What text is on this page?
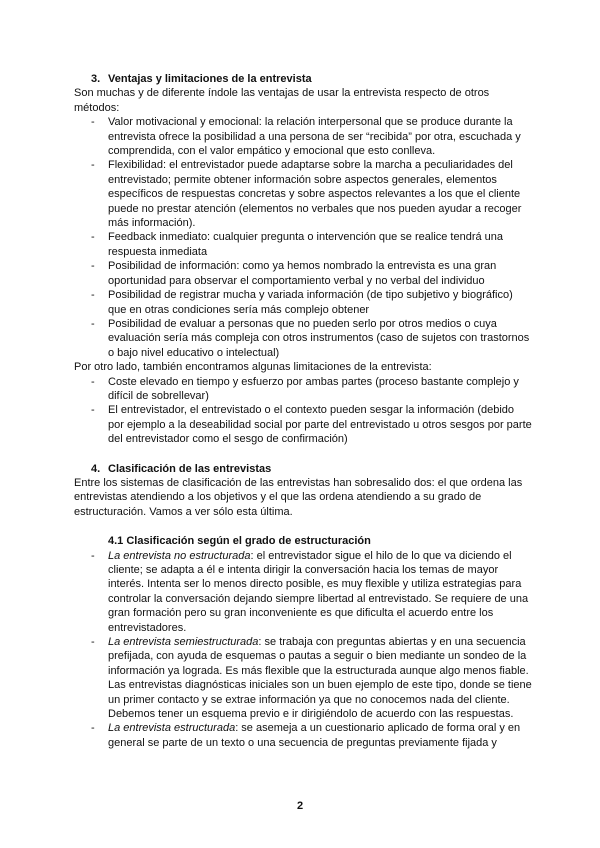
3. Ventajas y limitaciones de la entrevista

Son muchas y de diferente índole las ventajas de usar la entrevista respecto de otros métodos:

- Valor motivacional y emocional: la relación interpersonal que se produce durante la entrevista ofrece la posibilidad a una persona de ser “recibida” por otra, escuchada y comprendida, con el valor empático y emocional que esto conlleva.
- Flexibilidad: el entrevistador puede adaptarse sobre la marcha a peculiaridades del entrevistado; permite obtener información sobre aspectos generales, elementos específicos de respuestas concretas y sobre aspectos relevantes a los que el cliente puede no prestar atención (elementos no verbales que nos pueden ayudar a recoger más información).
- Feedback inmediato: cualquier pregunta o intervención que se realice tendrá una respuesta inmediata
- Posibilidad de información: como ya hemos nombrado la entrevista es una gran oportunidad para observar el comportamiento verbal y no verbal del individuo
- Posibilidad de registrar mucha y variada información (de tipo subjetivo y biográfico) que en otras condiciones sería más complejo obtener
- Posibilidad de evaluar a personas que no pueden serlo por otros medios o cuya evaluación sería más compleja con otros instrumentos (caso de sujetos con trastornos o bajo nivel educativo o intelectual)

Por otro lado, también encontramos algunas limitaciones de la entrevista:

- Coste elevado en tiempo y esfuerzo por ambas partes (proceso bastante complejo y difícil de sobrellevar)
- El entrevistador, el entrevistado o el contexto pueden sesgar la información (debido por ejemplo a la deseabilidad social por parte del entrevistado u otros sesgos por parte del entrevistador como el sesgo de confirmación)
4. Clasificación de las entrevistas

Entre los sistemas de clasificación de las entrevistas han sobresalido dos: el que ordena las entrevistas atendiendo a los objetivos y el que las ordena atendiendo a su grado de estructuración. Vamos a ver sólo esta última.

4.1 Clasificación según el grado de estructuración
- La entrevista no estructurada: el entrevistador sigue el hilo de lo que va diciendo el cliente; se adapta a él e intenta dirigir la conversación hacia los temas de mayor interés. Intenta ser lo menos directo posible, es muy flexible y utiliza estrategias para controlar la conversación dejando siempre libertad al entrevistado. Se requiere de una gran formación pero su gran inconveniente es que dificulta el acuerdo entre los entrevistadores.
- La entrevista semiestructurada: se trabaja con preguntas abiertas y en una secuencia prefijada, con ayuda de esquemas o pautas a seguir o bien mediante un sondeo de la información ya lograda. Es más flexible que la estructurada aunque algo menos fiable. Las entrevistas diagnósticas iniciales son un buen ejemplo de este tipo, donde se tiene un primer contacto y se extrae información ya que no conocemos nada del cliente. Debemos tener un esquema previo e ir dirigiéndolo de acuerdo con las respuestas.
- La entrevista estructurada: se asemeja a un cuestionario aplicado de forma oral y en general se parte de un texto o una secuencia de preguntas previamente fijada y
2
